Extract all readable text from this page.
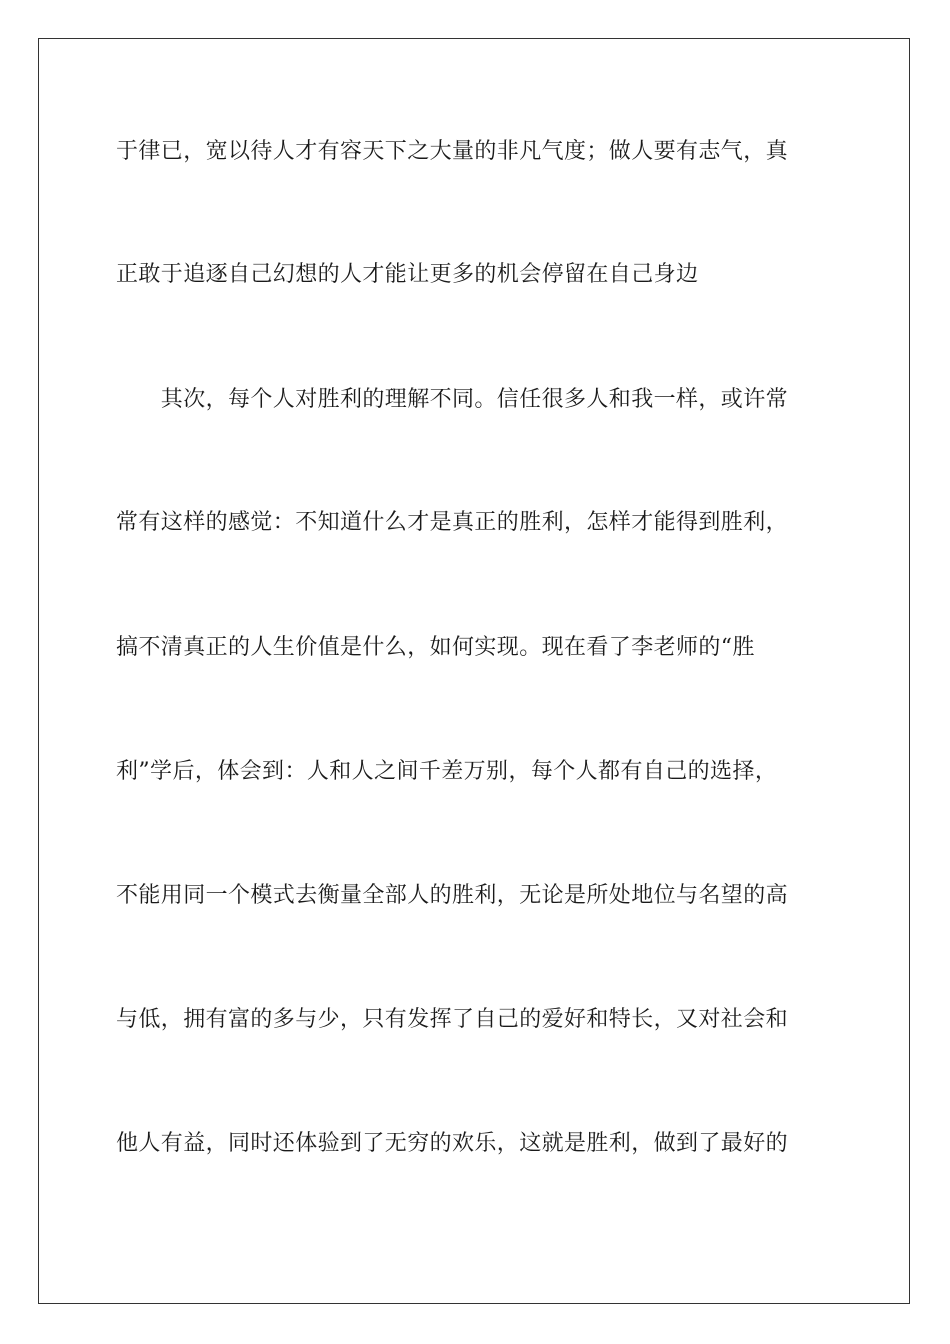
于律已，宽以待人才有容天下之大量的非凡气度；做人要有志气，真
正敢于追逐自己幻想的人才能让更多的机会停留在自己身边
　　其次，每个人对胜利的理解不同。信任很多人和我一样，或许常
常有这样的感觉：不知道什么才是真正的胜利，怎样才能得到胜利，
搞不清真正的人生价值是什么，如何实现。现在看了李老师的“胜
利”学后，体会到：人和人之间千差万别，每个人都有自己的选择，
不能用同一个模式去衡量全部人的胜利，无论是所处地位与名望的高
与低，拥有富的多与少，只有发挥了自己的爱好和特长，又对社会和
他人有益，同时还体验到了无穷的欢乐，这就是胜利，做到了最好的
